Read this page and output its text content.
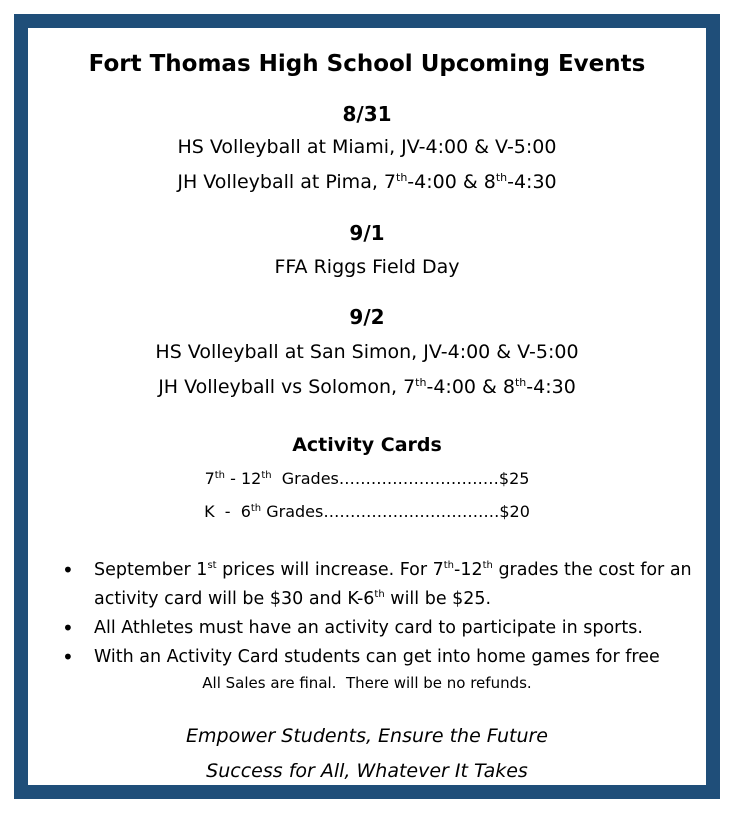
Fort Thomas High School Upcoming Events
8/31
HS Volleyball at Miami, JV-4:00 & V-5:00
JH Volleyball at Pima, 7th-4:00 & 8th-4:30
9/1
FFA Riggs Field Day
9/2
HS Volleyball at San Simon, JV-4:00 & V-5:00
JH Volleyball vs Solomon, 7th-4:00 & 8th-4:30
Activity Cards
7th - 12th  Grades…………………………$25
K  -  6th Grades……………………………$20
• September 1st prices will increase. For 7th-12th grades the cost for an activity card will be $30 and K-6th will be $25.
• All Athletes must have an activity card to participate in sports.
• With an Activity Card students can get into home games for free
All Sales are final.  There will be no refunds.
Empower Students, Ensure the Future
Success for All, Whatever It Takes
